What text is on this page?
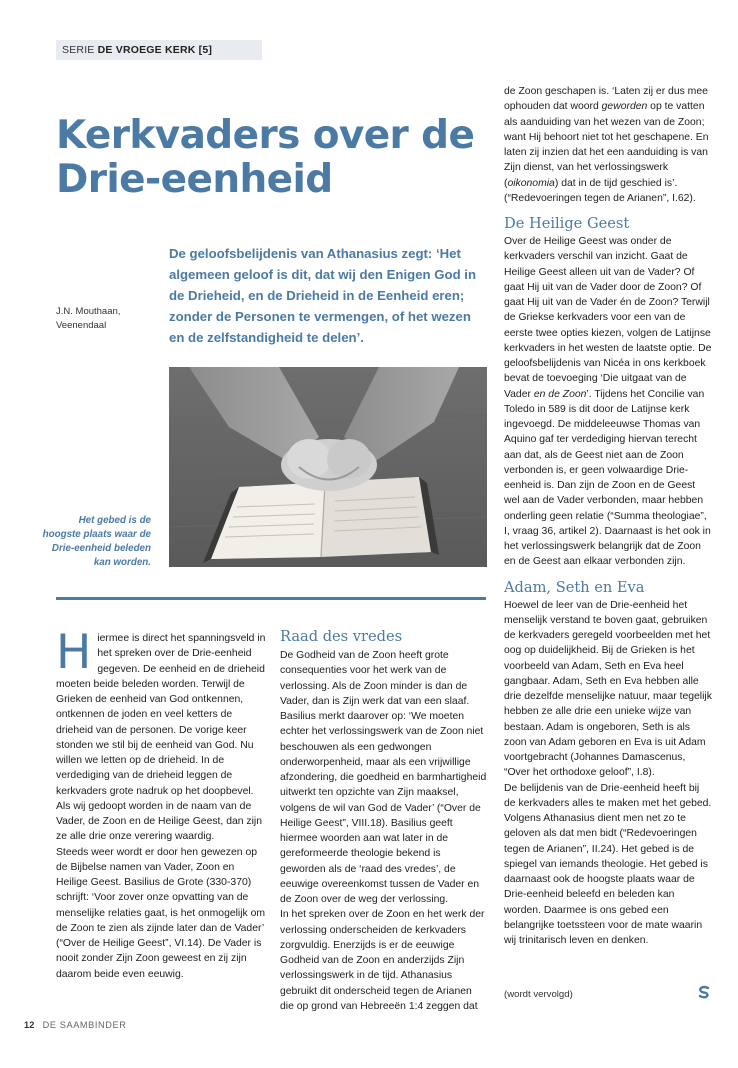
SERIE DE VROEGE KERK [5]
Kerkvaders over de Drie-eenheid

De geloofsbelijdenis van Athanasius zegt: ‘Het algemeen geloof is dit, dat wij den Enigen God in de Drieheid, en de Drieheid in de Eenheid eren; zonder de Personen te vermengen, of het wezen en de zelfstandigheid te delen’.

J.N. Mouthaan,
Veenendaal

Het gebed is de hoogste plaats waar de Drie-eenheid beleden kan worden.

Hiermee is direct het spanningsveld in het spreken over de Drie-eenheid gegeven. De eenheid en de drieheid moeten beide beleden worden. Terwijl de Grieken de eenheid van God ontkennen, ontkennen de joden en veel ketters de drieheid van de personen. De vorige keer stonden we stil bij de eenheid van God. Nu willen we letten op de drieheid. In de verdediging van de drieheid leggen de kerkvaders grote nadruk op het doopbevel. Als wij gedoopt worden in de naam van de Vader, de Zoon en de Heilige Geest, dan zijn ze alle drie onze verering waardig.

Steeds weer wordt er door hen gewezen op de Bijbelse namen van Vader, Zoon en Heilige Geest. Basilius de Grote (330-370) schrijft: ‘Voor zover onze opvatting van de menselijke relaties gaat, is het onmogelijk om de Zoon te zien als zijnde later dan de Vader’ (“Over de Heilige Geest”, VI.14). De Vader is nooit zonder Zijn Zoon geweest en zij zijn daarom beide even eeuwig.

Raad des vredes

De Godheid van de Zoon heeft grote consequenties voor het werk van de verlossing. Als de Zoon minder is dan de Vader, dan is Zijn werk dat van een slaaf. Basilius merkt daarover op: ‘We moeten echter het verlossingswerk van de Zoon niet beschouwen als een gedwongen onderworpenheid, maar als een vrijwillige afzondering, die goedheid en barmhartigheid uitwerkt ten opzichte van Zijn maaksel, volgens de wil van God de Vader’ (“Over de Heilige Geest”, VIII.18). Basilius geeft hiermee woorden aan wat later in de gereformeerde theologie bekend is geworden als de ‘raad des vredes’, de eeuwige overeenkomst tussen de Vader en de Zoon over de weg der verlossing.

In het spreken over de Zoon en het werk der verlossing onderscheiden de kerkvaders zorgvuldig. Enerzijds is er de eeuwige Godheid van de Zoon en anderzijds Zijn verlossingswerk in de tijd. Athanasius gebruikt dit onderscheid tegen de Arianen die op grond van Hebreeën 1:4 zeggen dat

de Zoon geschapen is. ‘Laten zij er dus mee ophouden dat woord geworden op te vatten als aanduiding van het wezen van de Zoon; want Hij behoort niet tot het geschapene. En laten zij inzien dat het een aanduiding is van Zijn dienst, van het verlossingswerk (oikonomia) dat in de tijd geschied is’. (“Redevoeringen tegen de Arianen”, I.62).

De Heilige Geest

Over de Heilige Geest was onder de kerkvaders verschil van inzicht. Gaat de Heilige Geest alleen uit van de Vader? Of gaat Hij uit van de Vader door de Zoon? Of gaat Hij uit van de Vader én de Zoon? Terwijl de Griekse kerkvaders voor een van de eerste twee opties kiezen, volgen de Latijnse kerkvaders in het westen de laatste optie. De geloofsbelijdenis van Nicéa in ons kerkboek bevat de toevoeging ‘Die uitgaat van de Vader en de Zoon’. Tijdens het Concilie van Toledo in 589 is dit door de Latijnse kerk ingevoegd. De middeleeuwse Thomas van Aquino gaf ter verdediging hiervan terecht aan dat, als de Geest niet aan de Zoon verbonden is, er geen volwaardige Drie-eenheid is. Dan zijn de Zoon en de Geest wel aan de Vader verbonden, maar hebben onderling geen relatie (“Summa theologiae”, I, vraag 36, artikel 2). Daarnaast is het ook in het verlossingswerk belangrijk dat de Zoon en de Geest aan elkaar verbonden zijn.

Adam, Seth en Eva

Hoewel de leer van de Drie-eenheid het menselijk verstand te boven gaat, gebruiken de kerkvaders geregeld voorbeelden met het oog op duidelijkheid. Bij de Grieken is het voorbeeld van Adam, Seth en Eva heel gangbaar. Adam, Seth en Eva hebben alle drie dezelfde menselijke natuur, maar tegelijk hebben ze alle drie een unieke wijze van bestaan. Adam is ongeboren, Seth is als zoon van Adam geboren en Eva is uit Adam voortgebracht (Johannes Damascenus, “Over het orthodoxe geloof”, I.8).

De belijdenis van de Drie-eenheid heeft bij de kerkvaders alles te maken met het gebed. Volgens Athanasius dient men net zo te geloven als dat men bidt (“Redevoeringen tegen de Arianen”, II.24). Het gebed is de spiegel van iemands theologie. Het gebed is daarnaast ook de hoogste plaats waar de Drie-eenheid beleefd en beleden kan worden. Daarmee is ons gebed een belangrijke toetssteen voor de mate waarin wij trinitarisch leven en denken.

(wordt vervolgd)
12 DE SAAMBINDER
